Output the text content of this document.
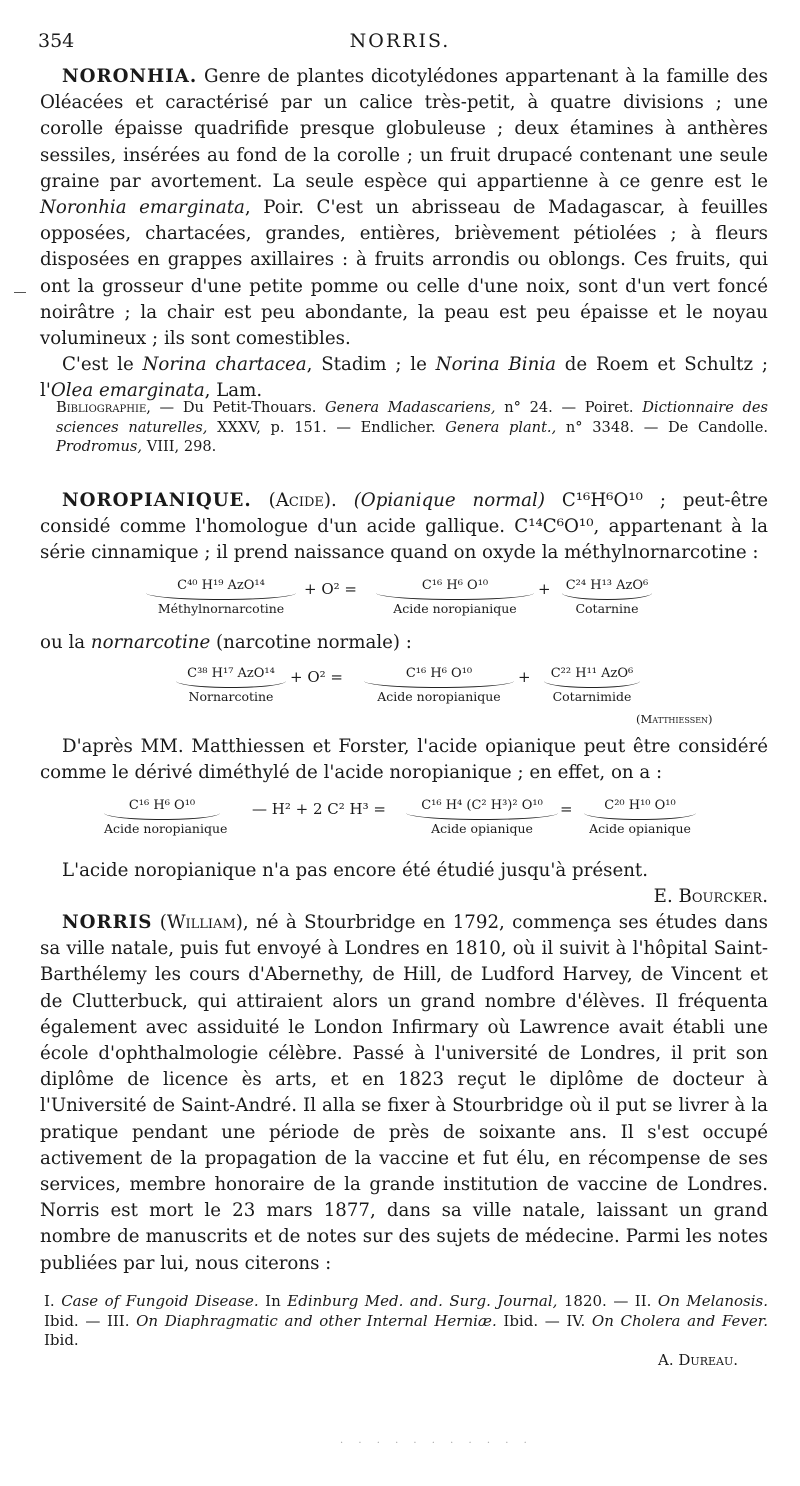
354	NORRIS.

NORONHIA. Genre de plantes dicotylédones appartenant à la famille des Oléacées et caractérisé par un calice très-petit, à quatre divisions ; une corolle épaisse quadrifide presque globuleuse ; deux étamines à anthères sessiles, insérées au fond de la corolle ; un fruit drupacé contenant une seule graine par avortement. La seule espèce qui appartienne à ce genre est le Noronhia emarginata, Poir. C'est un abrisseau de Madagascar, à feuilles opposées, chartacées, grandes, entières, brièvement pétiolées ; à fleurs disposées en grappes axillaires : à fruits arrondis ou oblongs. Ces fruits, qui ont la grosseur d'une petite pomme ou celle d'une noix, sont d'un vert foncé noirâtre ; la chair est peu abondante, la peau est peu épaisse et le noyau volumineux ; ils sont comestibles.

C'est le Norina chartacea, Stadim ; le Norina Binia de Roem et Schultz ; l'Olea emarginata, Lam.

Bibliographie, — Du Petit-Thouars. Genera Madascariens, n° 24. — Poiret. Dictionnaire des sciences naturelles, XXXV, p. 151. — Endlicher. Genera plant., n° 3348. — De Candolle. Prodromus, VIII, 298.

NOROPIANIQUE. (Acide). (Opianique normal) C¹⁶H⁶O¹⁰ ; peut-être considé comme l'homologue d'un acide gallique. C¹⁴C⁶O¹⁰, appartenant à la série cinnamique ; il prend naissance quand on oxyde la méthylnornarcotine :

C⁴⁰ H¹⁹ AzO¹⁴
Méthylnornarcotine
+ O² =	C¹⁶ H⁶ O¹⁰
Acide noropianique
+ C²⁴ H¹³ AzO⁶
Cotarnine
ou la nornarcotine (narcotine normale) :
C³⁸ H¹⁷ AzO¹⁴
Nornarcotine
+ O² =	C¹⁶ H⁶ O¹⁰
Acide noropianique
+	C²² H¹¹ AzO⁶
Cotarnimide
(Matthiessen)

D'après MM. Matthiessen et Forster, l'acide opianique peut être considéré comme le dérivé diméthylé de l'acide noropianique ; en effet, on a :

C¹⁶ H⁶ O¹⁰
Acide noropianique
— H² + 2 C² H³ =	C¹⁶ H⁴ (C² H³)² O¹⁰
Acide opianique
=	C²⁰ H¹⁰ O¹⁰
Acide opianique

L'acide noropianique n'a pas encore été étudié jusqu'à présent.
E. Bourcker.

NORRIS (William), né à Stourbridge en 1792, commença ses études dans sa ville natale, puis fut envoyé à Londres en 1810, où il suivit à l'hôpital Saint-Barthélemy les cours d'Abernethy, de Hill, de Ludford Harvey, de Vincent et de Clutterbuck, qui attiraient alors un grand nombre d'élèves. Il fréquenta également avec assiduité le London Infirmary où Lawrence avait établi une école d'ophthalmologie célèbre. Passé à l'université de Londres, il prit son diplôme de licence ès arts, et en 1823 reçut le diplôme de docteur à l'Université de Saint-André. Il alla se fixer à Stourbridge où il put se livrer à la pratique pendant une période de près de soixante ans. Il s'est occupé activement de la propagation de la vaccine et fut élu, en récompense de ses services, membre honoraire de la grande institution de vaccine de Londres. Norris est mort le 23 mars 1877, dans sa ville natale, laissant un grand nombre de manuscrits et de notes sur des sujets de médecine. Parmi les notes publiées par lui, nous citerons :

I. Case of Fungoid Disease. In Edinburg Med. and. Surg. Journal, 1820. — II. On Melanosis. Ibid. — III. On Diaphragmatic and other Internal Herniæ. Ibid. — IV. On Cholera and Fever. Ibid.

A. Dureau.

· · · · · · · · · · ·
